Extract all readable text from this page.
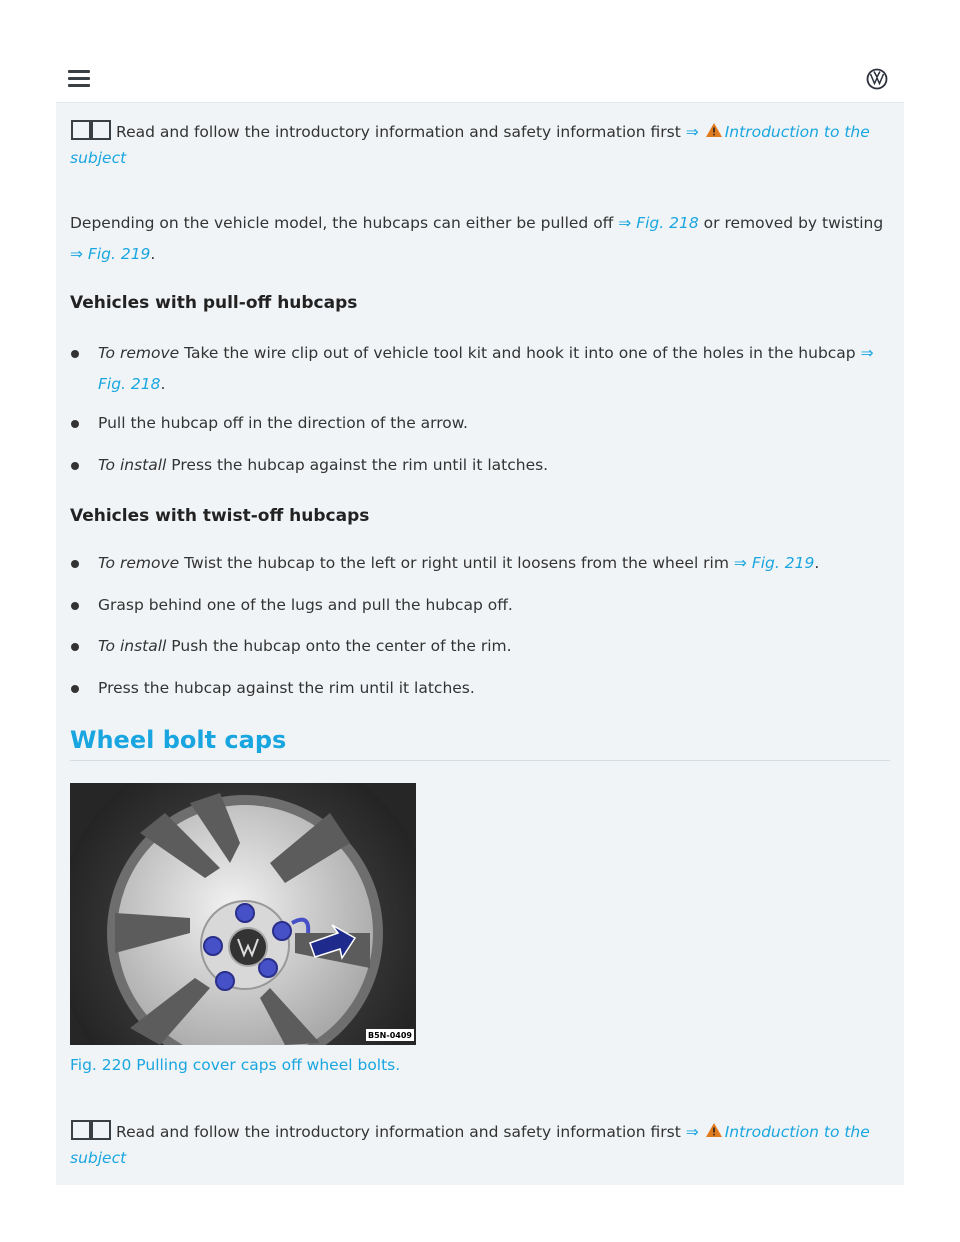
Read and follow the introductory information and safety information first ⇒ Introduction to the subject
Depending on the vehicle model, the hubcaps can either be pulled off ⇒ Fig. 218 or removed by twisting ⇒ Fig. 219.
Vehicles with pull-off hubcaps
To remove Take the wire clip out of vehicle tool kit and hook it into one of the holes in the hubcap ⇒ Fig. 218.
Pull the hubcap off in the direction of the arrow.
To install Press the hubcap against the rim until it latches.
Vehicles with twist-off hubcaps
To remove Twist the hubcap to the left or right until it loosens from the wheel rim ⇒ Fig. 219.
Grasp behind one of the lugs and pull the hubcap off.
To install Push the hubcap onto the center of the rim.
Press the hubcap against the rim until it latches.
Wheel bolt caps
B5N-0409
Fig. 220 Pulling cover caps off wheel bolts.
Read and follow the introductory information and safety information first ⇒ Introduction to the subject
